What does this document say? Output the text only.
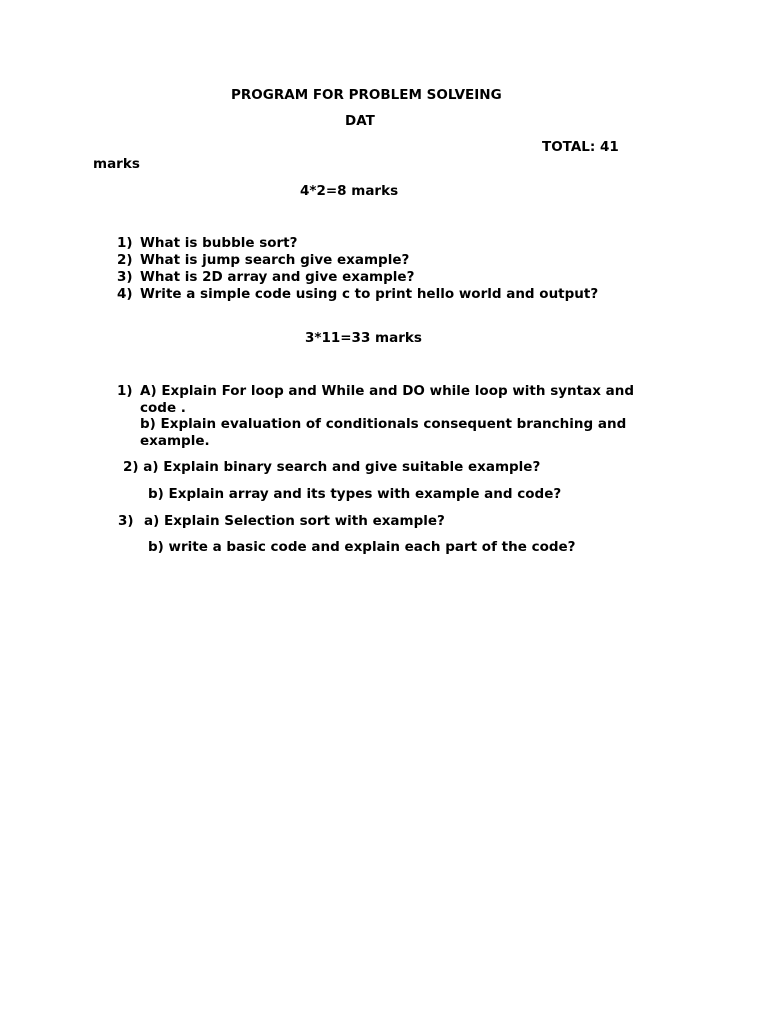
PROGRAM FOR PROBLEM SOLVEING
DAT
TOTAL: 41
marks
4*2=8 marks
1) What is bubble sort?
2) What is jump search give example?
3) What is 2D array and give example?
4) Write a simple code using c to print hello world and output?
3*11=33 marks
1) A) Explain For loop and While and DO while loop with syntax and
code .
b) Explain evaluation of conditionals consequent branching and
example.
2) a) Explain binary search and give suitable example?
b) Explain array and its types with example and code?
3) a) Explain Selection sort with example?
b) write a basic code and explain each part of the code?
